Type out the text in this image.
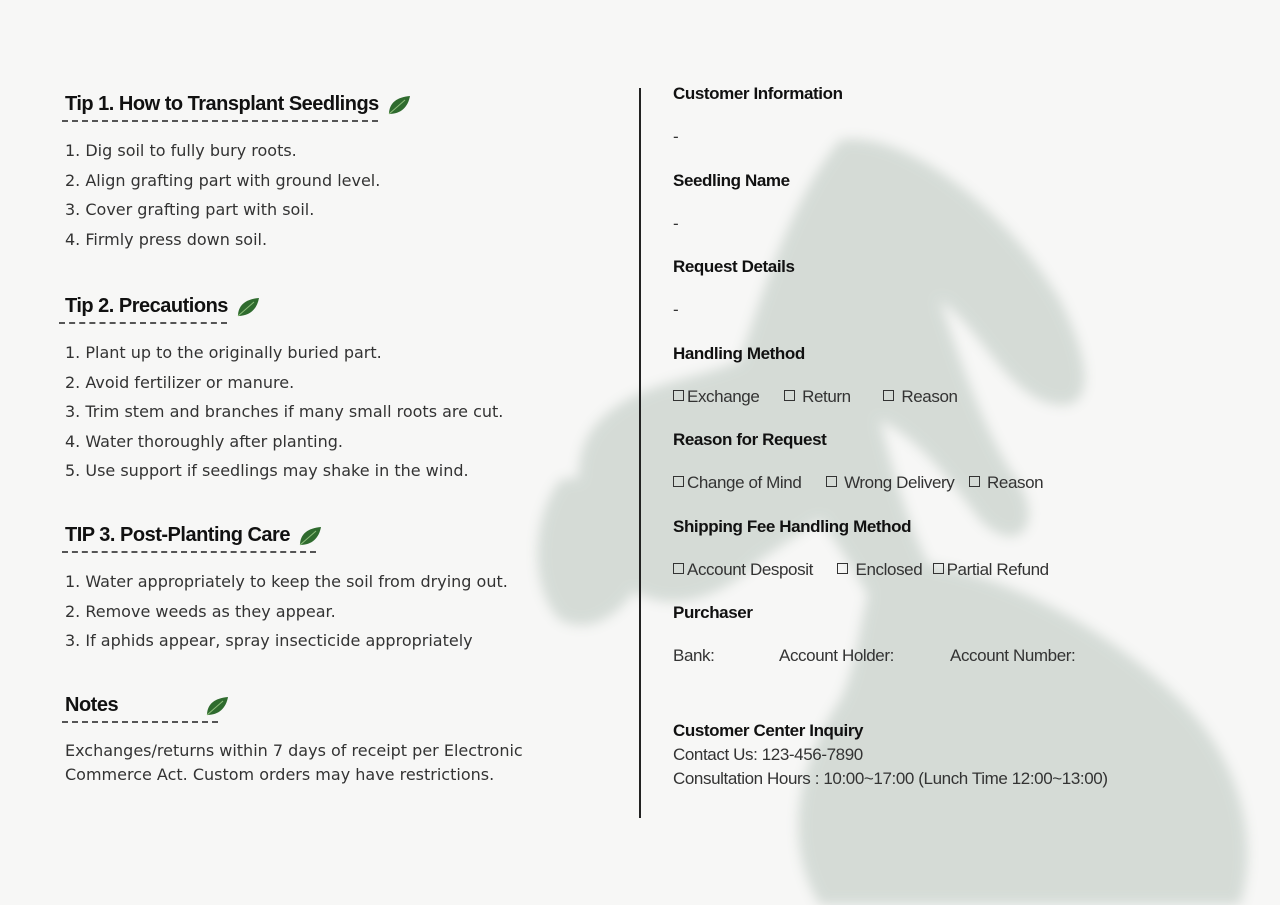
Tip 1. How to Transplant Seedlings
1. Dig soil to fully bury roots.
2. Align grafting part with ground level.
3. Cover grafting part with soil.
4. Firmly press down soil.
Tip 2. Precautions
1. Plant up to the originally buried part.
2. Avoid fertilizer or manure.
3. Trim stem and branches if many small roots are cut.
4. Water thoroughly after planting.
5. Use support if seedlings may shake in the wind.
TIP 3. Post-Planting Care
1. Water appropriately to keep the soil from drying out.
2. Remove weeds as they appear.
3. If aphids appear, spray insecticide appropriately
Notes
Exchanges/returns within 7 days of receipt per Electronic
Commerce Act. Custom orders may have restrictions.
Customer Information
-
Seedling Name
-
Request Details
-
Handling Method
Exchange	Return	Reason
Reason for Request
Change of Mind	Wrong Delivery Reason
Shipping Fee Handling Method
Account Desposit	Enclosed Partial Refund
Purchaser
Bank:	Account Holder:	Account Number:
Customer Center Inquiry
Contact Us: 123-456-7890
Consultation Hours : 10:00~17:00 (Lunch Time 12:00~13:00)
